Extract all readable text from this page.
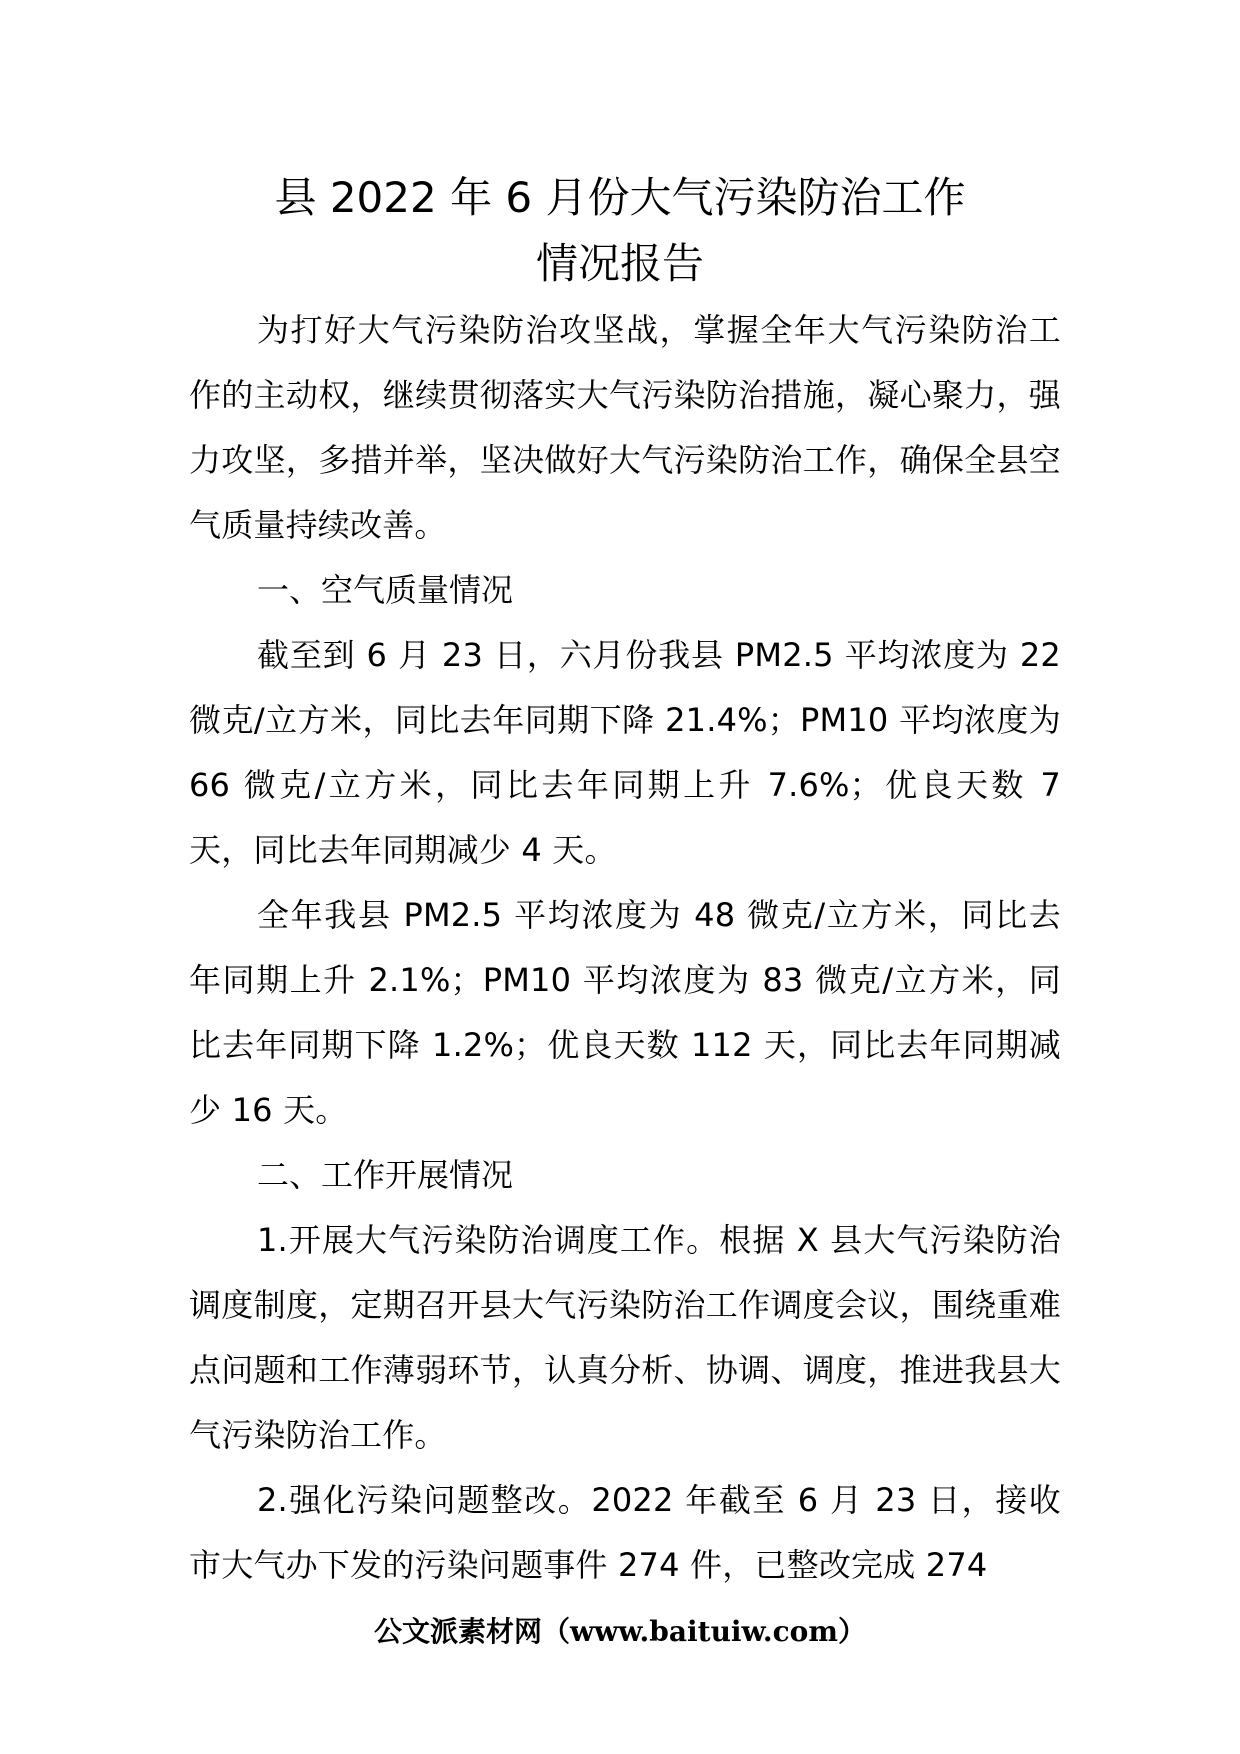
县 2022 年 6 月份大气污染防治工作
情况报告

为打好大气污染防治攻坚战，掌握全年大气污染防治工作的主动权，继续贯彻落实大气污染防治措施，凝心聚力，强力攻坚，多措并举，坚决做好大气污染防治工作，确保全县空气质量持续改善。

一、空气质量情况

截至到 6 月 23 日，六月份我县 PM2.5 平均浓度为 22 微克/立方米，同比去年同期下降 21.4%；PM10 平均浓度为 66 微克/立方米，同比去年同期上升 7.6%；优良天数 7 天，同比去年同期减少 4 天。

全年我县 PM2.5 平均浓度为 48 微克/立方米，同比去年同期上升 2.1%；PM10 平均浓度为 83 微克/立方米，同比去年同期下降 1.2%；优良天数 112 天，同比去年同期减少 16 天。

二、工作开展情况

1.开展大气污染防治调度工作。根据 X 县大气污染防治调度制度，定期召开县大气污染防治工作调度会议，围绕重难点问题和工作薄弱环节，认真分析、协调、调度，推进我县大气污染防治工作。

2.强化污染问题整改。2022 年截至 6 月 23 日，接收市大气办下发的污染问题事件 274 件，已整改完成 274

公文派素材网（www.baituiw.com）
